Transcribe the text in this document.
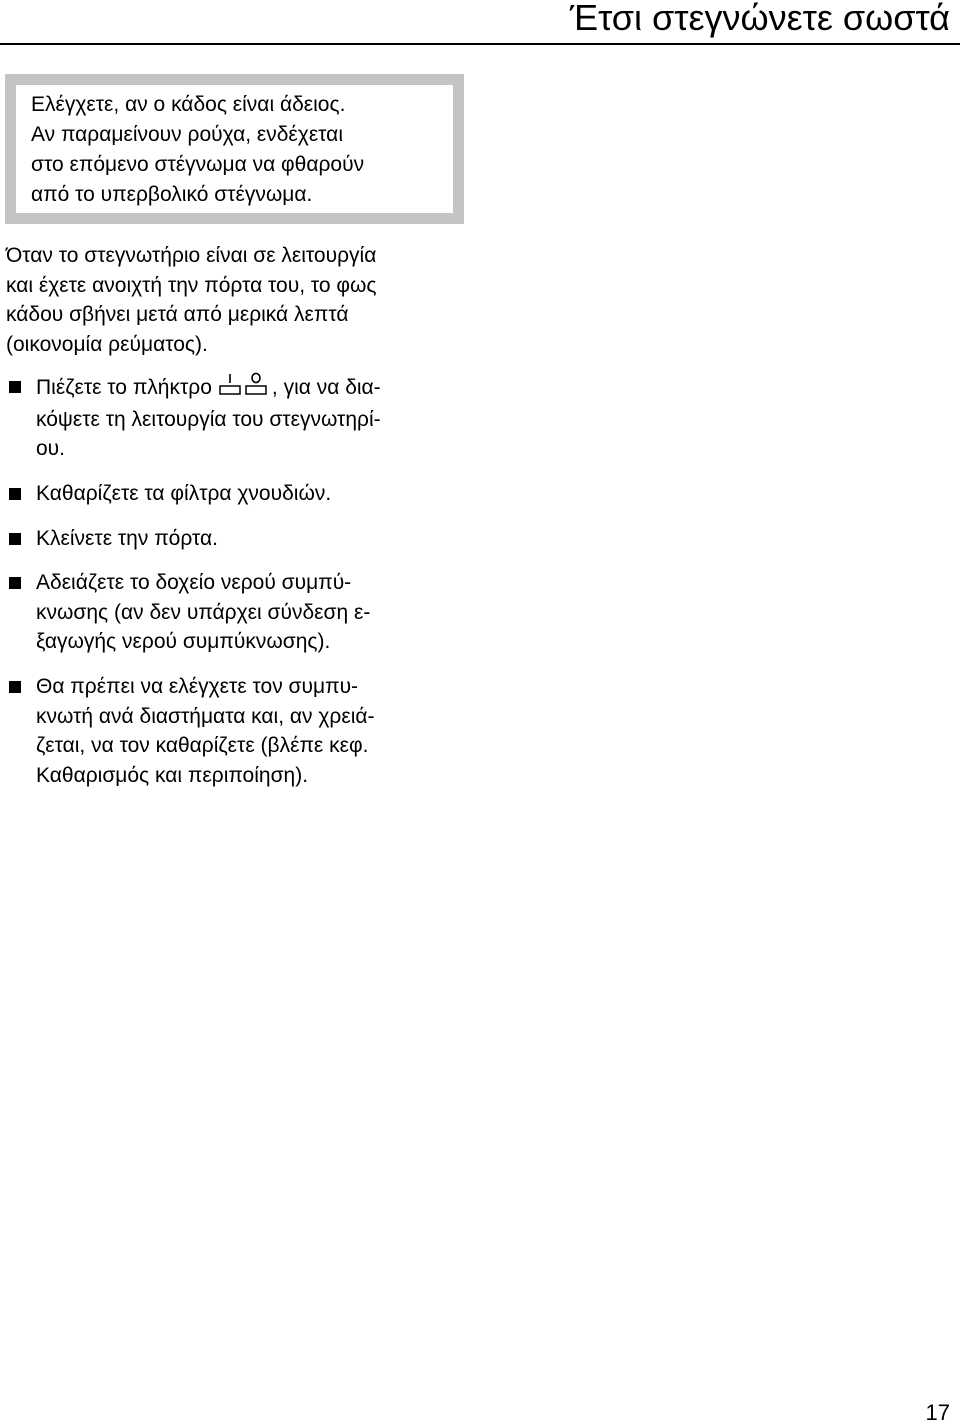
Έτσι στεγνώνετε σωστά
Ελέγχετε, αν ο κάδος είναι άδειος.
Αν παραμείνουν ρούχα, ενδέχεται
στο επόμενο στέγνωμα να φθαρούν
από το υπερβολικό στέγνωμα.
Όταν το στεγνωτήριο είναι σε λειτουργία
και έχετε ανοιχτή την πόρτα του, το φως
κάδου σβήνει μετά από μερικά λεπτά
(οικονομία ρεύματος).
Πιέζετε το πλήκτρο	, για να δια-
κόψετε τη λειτουργία του στεγνωτηρί-
ου.
Καθαρίζετε τα φίλτρα χνουδιών.
Κλείνετε την πόρτα.
Αδειάζετε το δοχείο νερού συμπύ-
κνωσης (αν δεν υπάρχει σύνδεση ε-
ξαγωγής νερού συμπύκνωσης).
Θα πρέπει να ελέγχετε τον συμπυ-
κνωτή ανά διαστήματα και, αν χρειά-
ζεται, να τον καθαρίζετε (βλέπε κεφ.
Καθαρισμός και περιποίηση).
17
